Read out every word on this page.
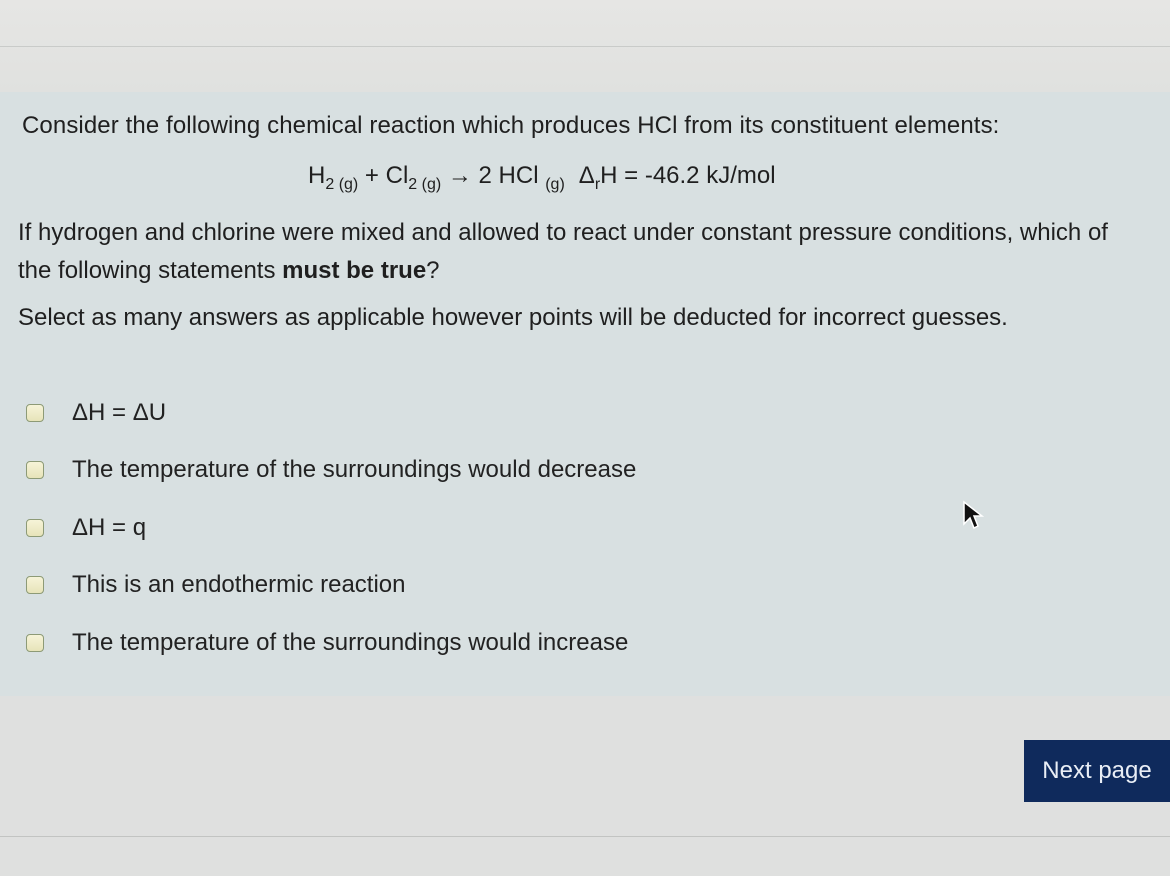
Consider the following chemical reaction which produces HCl from its constituent elements:
$H_{2 (g)} + Cl_{2 (g)} \to 2$ HCl $_{(g)}$ $\Delta_rH = -46.2$ kJ/mol
If hydrogen and chlorine were mixed and allowed to react under constant pressure conditions, which of the following statements must be true?
Select as many answers as applicable however points will be deducted for incorrect guesses.
ΔH = ΔU
The temperature of the surroundings would decrease
ΔH = q
This is an endothermic reaction
The temperature of the surroundings would increase
Next page
